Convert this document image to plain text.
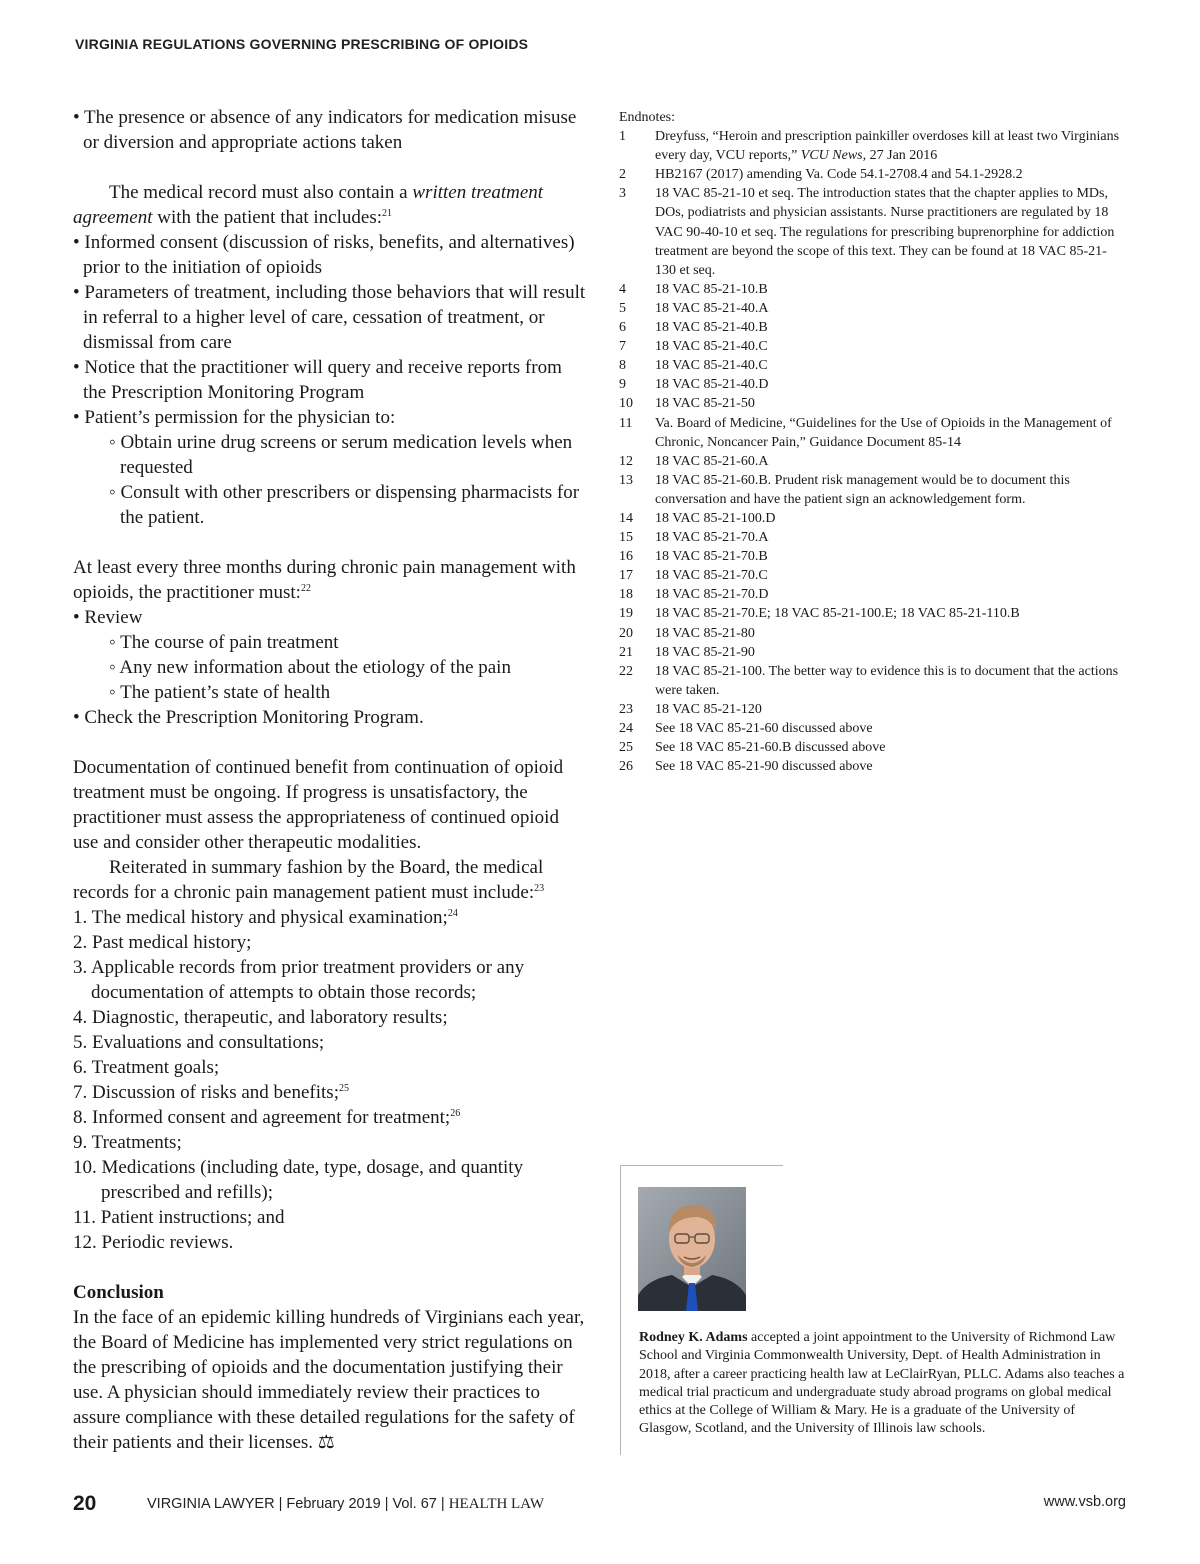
VIRGINIA REGULATIONS GOVERNING PRESCRIBING OF OPIOIDS

• The presence or absence of any indicators for medication misuse or diversion and appropriate actions taken

The medical record must also contain a written treatment agreement with the patient that includes:$^{21}$

• Informed consent (discussion of risks, benefits, and alternatives) prior to the initiation of opioids

• Parameters of treatment, including those behaviors that will result in referral to a higher level of care, cessation of treatment, or dismissal from care

• Notice that the practitioner will query and receive reports from the Prescription Monitoring Program

• Patient’s permission for the physician to:

◦ Obtain urine drug screens or serum medication levels when requested

◦ Consult with other prescribers or dispensing pharmacists for the patient.

At least every three months during chronic pain management with opioids, the practitioner must:$^{22}$

• Review

◦ The course of pain treatment

◦ Any new information about the etiology of the pain

◦ The patient’s state of health

• Check the Prescription Monitoring Program.

Documentation of continued benefit from continuation of opioid treatment must be ongoing. If progress is unsatisfactory, the practitioner must assess the appropriateness of continued opioid use and consider other therapeutic modalities.

Reiterated in summary fashion by the Board, the medical records for a chronic pain management patient must include:$^{23}$

1. The medical history and physical examination;$^{24}$

2. Past medical history;

3. Applicable records from prior treatment providers or any documentation of attempts to obtain those records;

4. Diagnostic, therapeutic, and laboratory results;

5. Evaluations and consultations;

6. Treatment goals;

7. Discussion of risks and benefits;$^{25}$

8. Informed consent and agreement for treatment;$^{26}$

9. Treatments;

10. Medications (including date, type, dosage, and quantity prescribed and refills);

11. Patient instructions; and

12. Periodic reviews.

Conclusion

In the face of an epidemic killing hundreds of Virginians each year, the Board of Medicine has implemented very strict regulations on the prescribing of opioids and the documentation justifying their use. A physician should immediately review their practices to assure compliance with these detailed regulations for the safety of their patients and their licenses. ⚖

Endnotes:

1	Dreyfuss, “Heroin and prescription painkiller overdoses kill at least two Virginians every day, VCU reports,” VCU News, 27 Jan 2016
2	HB2167 (2017) amending Va. Code 54.1-2708.4 and 54.1-2928.2
3	18 VAC 85-21-10 et seq. The introduction states that the chapter applies to MDs, DOs, podiatrists and physician assistants. Nurse practitioners are regulated by 18 VAC 90-40-10 et seq. The regulations for prescribing buprenorphine for addiction treatment are beyond the scope of this text. They can be found at 18 VAC 85-21-130 et seq.
4	18 VAC 85-21-10.B
5	18 VAC 85-21-40.A
6	18 VAC 85-21-40.B
7	18 VAC 85-21-40.C
8	18 VAC 85-21-40.C
9	18 VAC 85-21-40.D
10	18 VAC 85-21-50
11	Va. Board of Medicine, “Guidelines for the Use of Opioids in the Management of Chronic, Noncancer Pain,” Guidance Document 85-14
12	18 VAC 85-21-60.A
13	18 VAC 85-21-60.B. Prudent risk management would be to document this conversation and have the patient sign an acknowledgement form.
14	18 VAC 85-21-100.D
15	18 VAC 85-21-70.A
16	18 VAC 85-21-70.B
17	18 VAC 85-21-70.C
18	18 VAC 85-21-70.D
19	18 VAC 85-21-70.E; 18 VAC 85-21-100.E; 18 VAC 85-21-110.B
20	18 VAC 85-21-80
21	18 VAC 85-21-90
22	18 VAC 85-21-100. The better way to evidence this is to document that the actions were taken.
23	18 VAC 85-21-120
24	See 18 VAC 85-21-60 discussed above
25	See 18 VAC 85-21-60.B discussed above
26	See 18 VAC 85-21-90 discussed above
Rodney K. Adams accepted a joint appointment to the University of Richmond Law School and Virginia Commonwealth University, Dept. of Health Administration in 2018, after a career practicing health law at LeClairRyan, PLLC. Adams also teaches a medical trial practicum and undergraduate study abroad programs on global medical ethics at the College of William & Mary. He is a graduate of the University of Glasgow, Scotland, and the University of Illinois law schools.
20	VIRGINIA LAWYER | February 2019 | Vol. 67 | HEALTH LAW	www.vsb.org
